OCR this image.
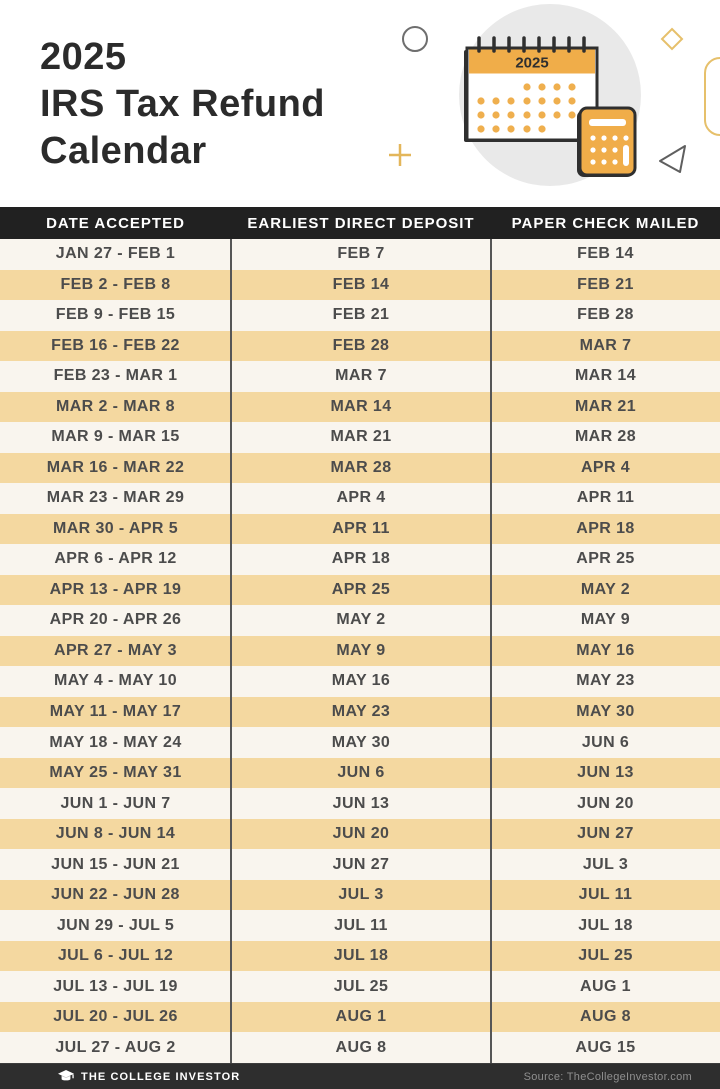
2025
IRS Tax Refund
Calendar
2025
DATE ACCEPTED	EARLIEST DIRECT DEPOSIT	PAPER CHECK MAILED
JAN 27 - FEB 1	FEB 7	FEB 14
FEB 2 - FEB 8	FEB 14	FEB 21
FEB 9 - FEB 15	FEB 21	FEB 28
FEB 16 - FEB 22	FEB 28	MAR 7
FEB 23 - MAR 1	MAR 7	MAR 14
MAR 2 - MAR 8	MAR 14	MAR 21
MAR 9 - MAR 15	MAR 21	MAR 28
MAR 16 - MAR 22	MAR 28	APR 4
MAR 23 - MAR 29	APR 4	APR 11
MAR 30 - APR 5	APR 11	APR 18
APR 6 - APR 12	APR 18	APR 25
APR 13 - APR 19	APR 25	MAY 2
APR 20 - APR 26	MAY 2	MAY 9
APR 27 - MAY 3	MAY 9	MAY 16
MAY 4 - MAY 10	MAY 16	MAY 23
MAY 11 - MAY 17	MAY 23	MAY 30
MAY 18 - MAY 24	MAY 30	JUN 6
MAY 25 - MAY 31	JUN 6	JUN 13
JUN 1 - JUN 7	JUN 13	JUN 20
JUN 8 - JUN 14	JUN 20	JUN 27
JUN 15 - JUN 21	JUN 27	JUL 3
JUN 22 - JUN 28	JUL 3	JUL 11
JUN 29 - JUL 5	JUL 11	JUL 18
JUL 6 - JUL 12	JUL 18	JUL 25
JUL 13 - JUL 19	JUL 25	AUG 1
JUL 20 - JUL 26	AUG 1	AUG 8
JUL 27 - AUG 2	AUG 8	AUG 15
THE COLLEGE INVESTOR	Source: TheCollegeInvestor.com
